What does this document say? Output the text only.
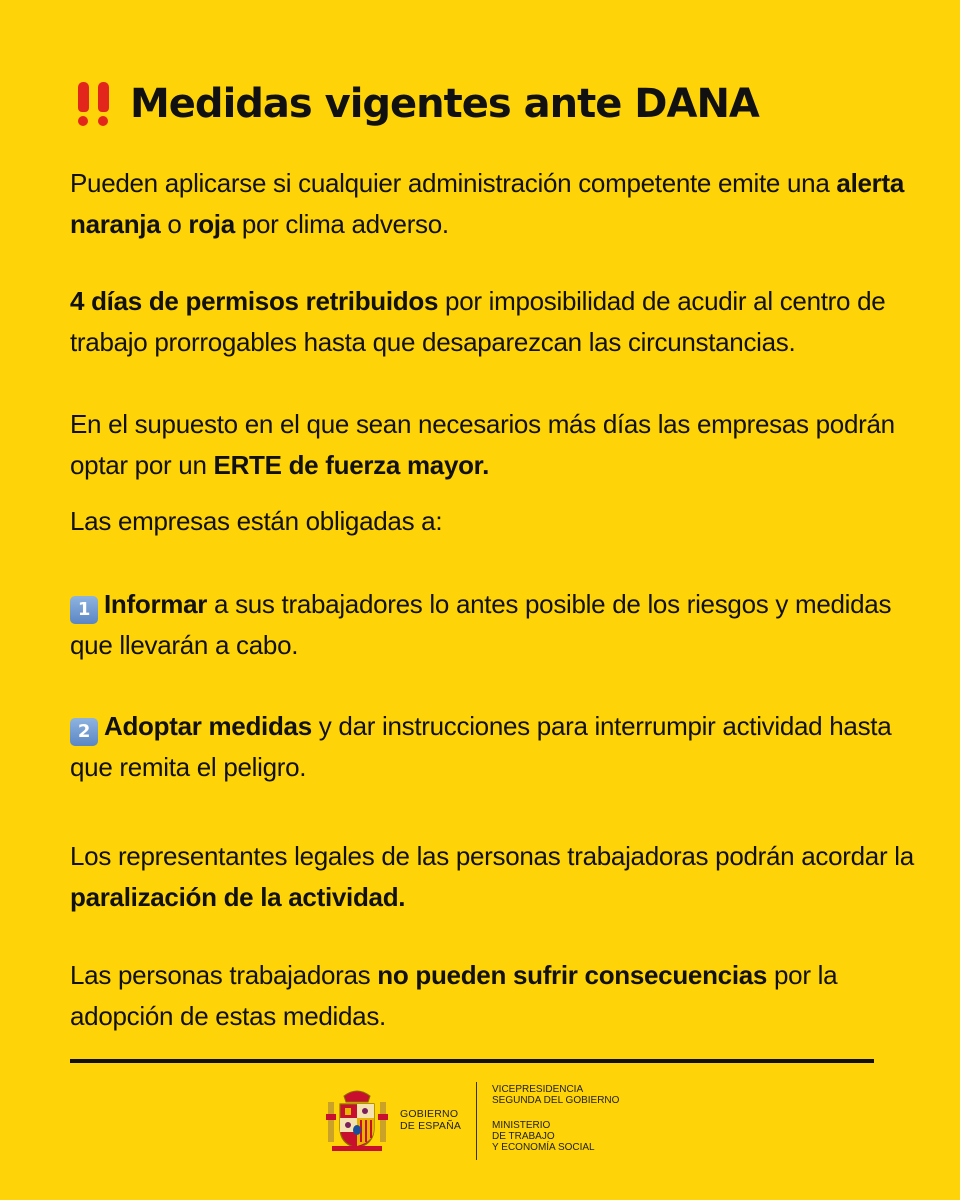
Medidas vigentes ante DANA
Pueden aplicarse si cualquier administración competente emite una alerta naranja o roja por clima adverso.
4 días de permisos retribuidos por imposibilidad de acudir al centro de trabajo prorrogables hasta que desaparezcan las circunstancias.
En el supuesto en el que sean necesarios más días las empresas podrán optar por un ERTE de fuerza mayor.
Las empresas están obligadas a:
1 Informar a sus trabajadores lo antes posible de los riesgos y medidas que llevarán a cabo.
2 Adoptar medidas y dar instrucciones para interrumpir actividad hasta que remita el peligro.
Los representantes legales de las personas trabajadoras podrán acordar la paralización de la actividad.
Las personas trabajadoras no pueden sufrir consecuencias por la adopción de estas medidas.
GOBIERNO
DE ESPAÑA
VICEPRESIDENCIA
SEGUNDA DEL GOBIERNO
MINISTERIO
DE TRABAJO
Y ECONOMÍA SOCIAL
